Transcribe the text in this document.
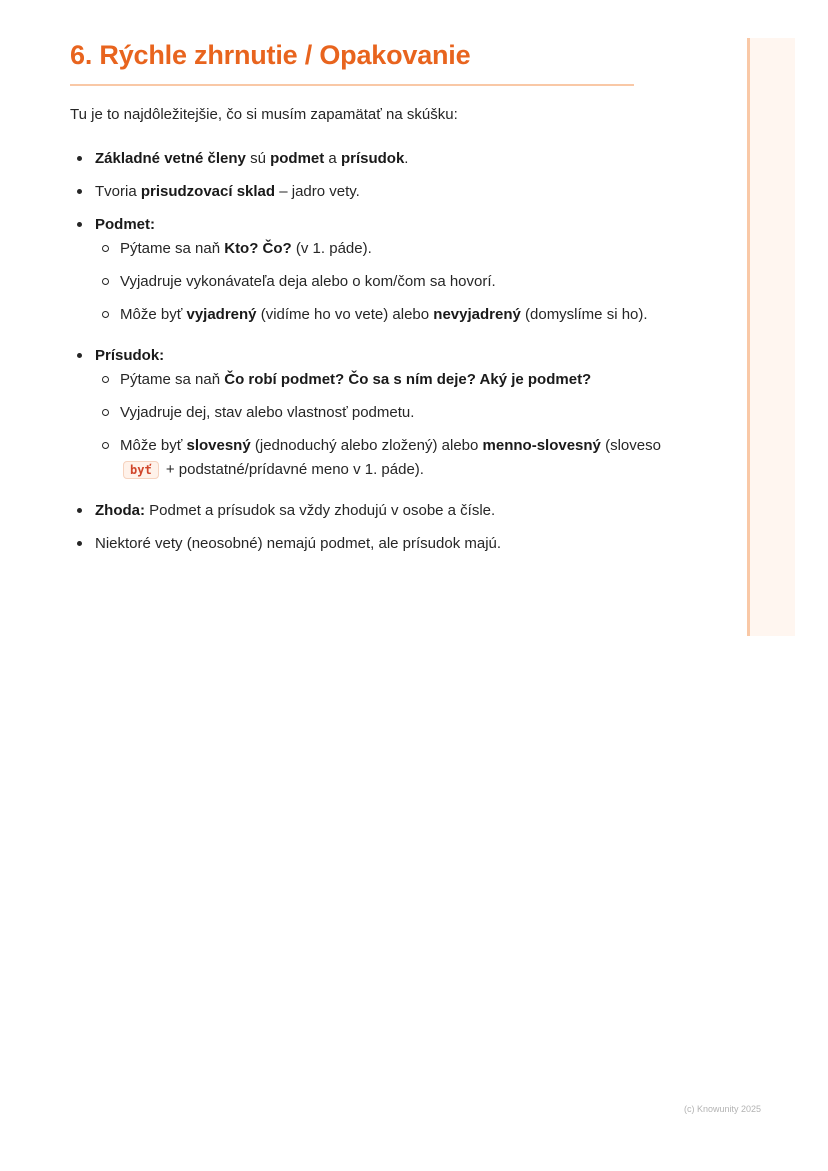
6. Rýchle zhrnutie / Opakovanie

Tu je to najdôležitejšie, čo si musím zapamätať na skúšku:

Základné vetné členy sú podmet a prísudok.
Tvoria prisudzovací sklad – jadro vety.
Podmet:
Pýtame sa naň Kto? Čo? (v 1. páde).
Vyjadruje vykonávateľa deja alebo o kom/čom sa hovorí.
Môže byť vyjadrený (vidíme ho vo vete) alebo nevyjadrený (domyslíme si ho).
Prísudok:
Pýtame sa naň Čo robí podmet? Čo sa s ním deje? Aký je podmet?
Vyjadruje dej, stav alebo vlastnosť podmetu.
Môže byť slovesný (jednoduchý alebo zložený) alebo menno-slovesný (sloveso byť + podstatné/prídavné meno v 1. páde).
Zhoda: Podmet a prísudok sa vždy zhodujú v osobe a čísle.
Niektoré vety (neosobné) nemajú podmet, ale prísudok majú.
(c) Knowunity 2025
